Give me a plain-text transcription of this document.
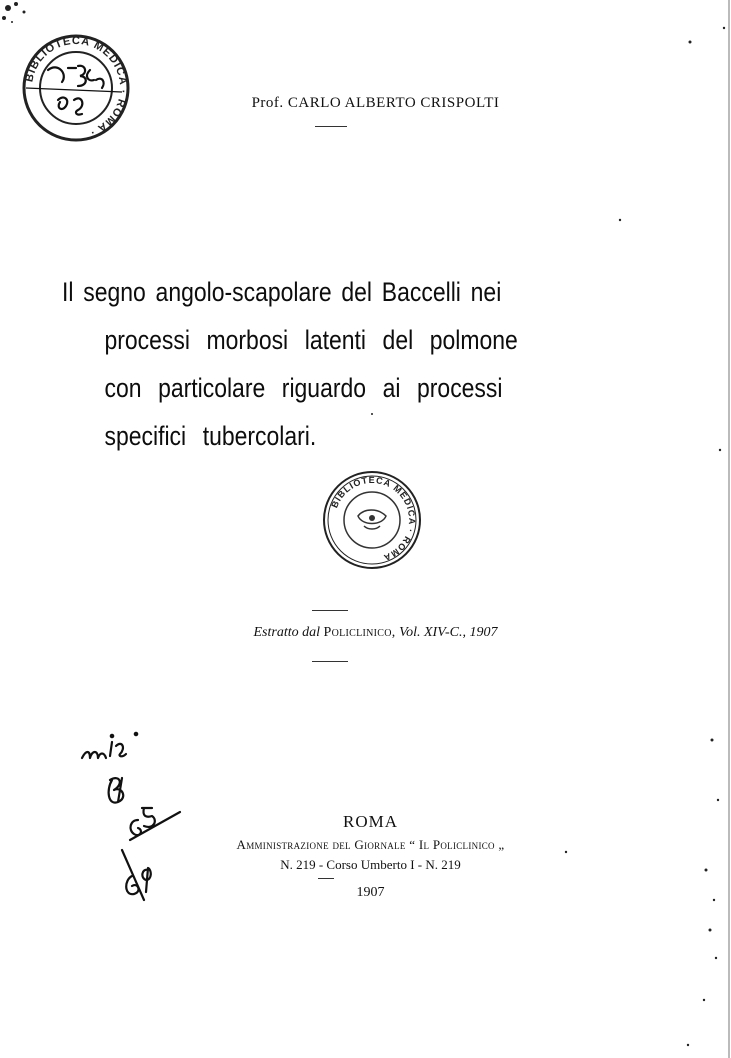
BIBLIOTECA MEDICA · ROMA ·
Prof. CARLO ALBERTO CRISPOLTI
Il segno angolo-scapolare del Baccelli nei
processi morbosi latenti del polmone
con particolare riguardo ai processi
specifici tubercolari.
BIBLIOTECA MEDICA · ROMA
Estratto dal Policlinico, Vol. XIV-C., 1907
ROMA
Amministrazione del Giornale “ Il Policlinico „
N. 219 - Corso Umberto I - N. 219
1907
